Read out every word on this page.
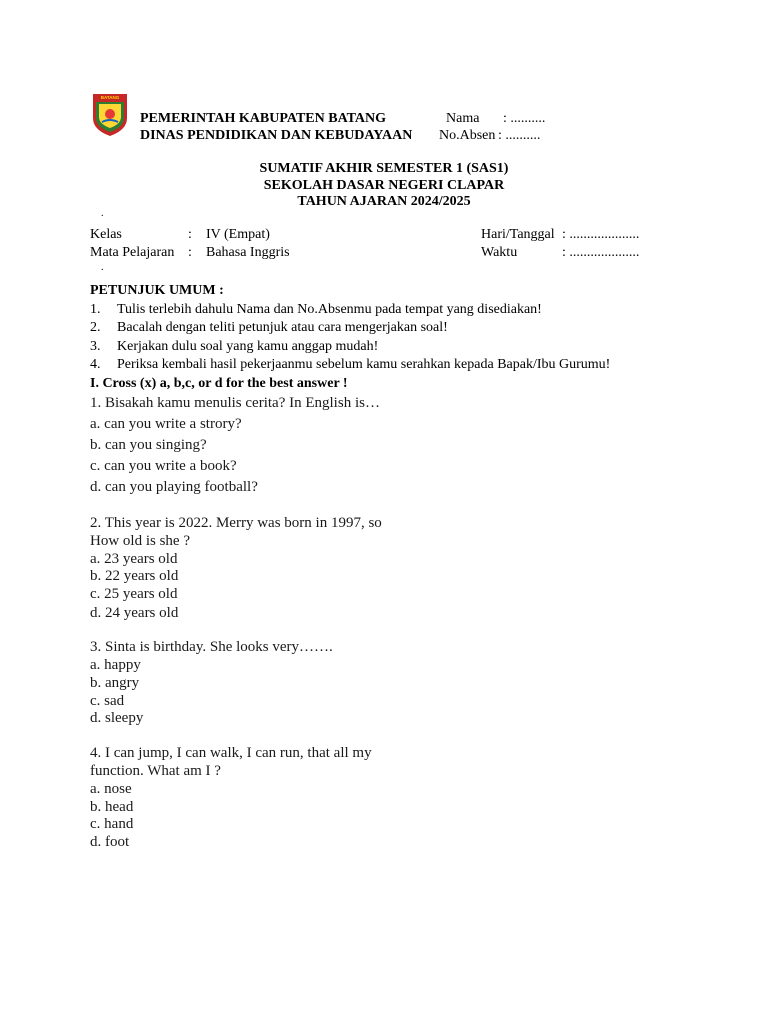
BATANG
PEMERINTAH KABUPATEN BATANG
DINAS PENDIDIKAN DAN KEBUDAYAAN
Nama : ..........
No.Absen : ..........
SUMATIF AKHIR SEMESTER 1 (SAS1)
SEKOLAH DASAR NEGERI CLAPAR
TAHUN AJARAN 2024/2025
.
Kelas	: IV (Empat)	Hari/Tanggal : ....................
Mata Pelajaran : Bahasa Inggris	Waktu	: ....................
.
PETUNJUK UMUM :
1. Tulis terlebih dahulu Nama dan No.Absenmu pada tempat yang disediakan!
2. Bacalah dengan teliti petunjuk atau cara mengerjakan soal!
3. Kerjakan dulu soal yang kamu anggap mudah!
4. Periksa kembali hasil pekerjaanmu sebelum kamu serahkan kepada Bapak/Ibu Gurumu!
I. Cross (x) a, b,c, or d for the best answer !
1. Bisakah kamu menulis cerita? In English is…
a. can you write a strory?
b. can you singing?
c. can you write a book?
d. can you playing football?
2. This year is 2022. Merry was born in 1997, so
How old is she ?
a. 23 years old
b. 22 years old
c. 25 years old
d. 24 years old
3. Sinta is birthday. She looks very…….
a. happy
b. angry
c. sad
d. sleepy
4. I can jump, I can walk, I can run, that all my
function. What am I ?
a. nose
b. head
c. hand
d. foot
